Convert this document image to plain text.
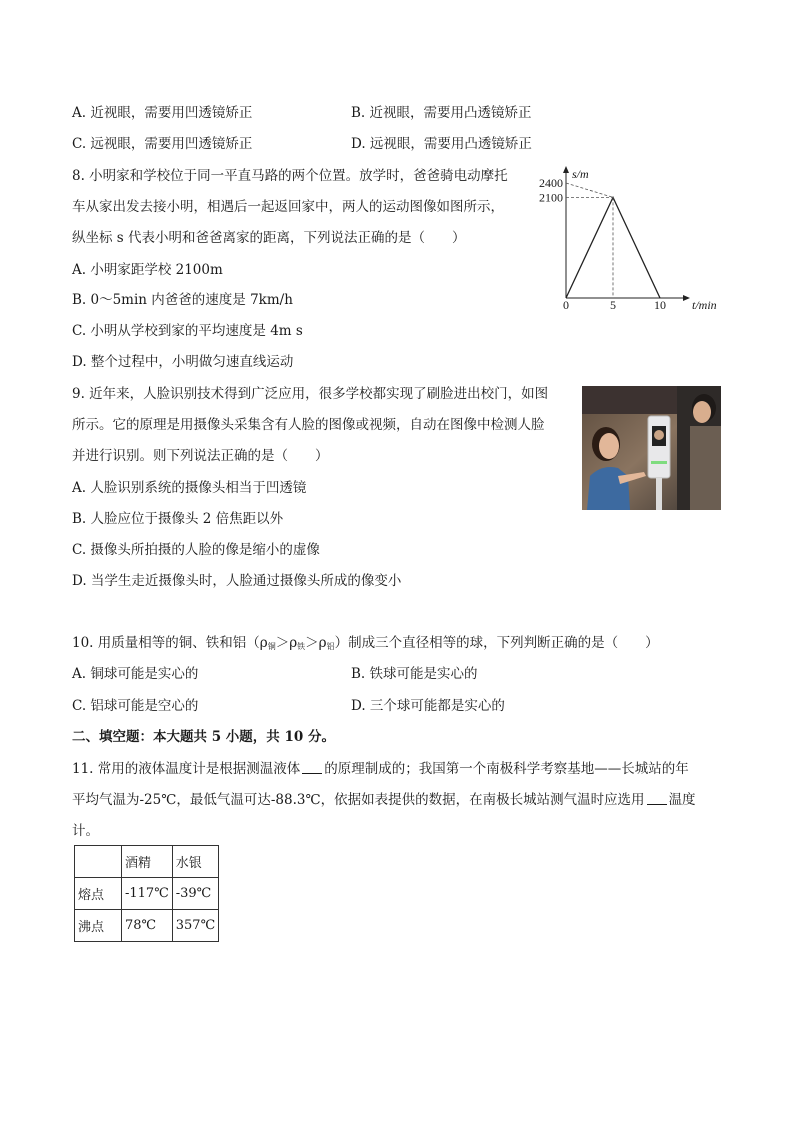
A. 近视眼，需要用凹透镜矫正	B. 近视眼，需要用凸透镜矫正
C. 远视眼，需要用凹透镜矫正	D. 远视眼，需要用凸透镜矫正
8. 小明家和学校位于同一平直马路的两个位置。放学时，爸爸骑电动摩托
车从家出发去接小明，相遇后一起返回家中，两人的运动图像如图所示，
纵坐标 s 代表小明和爸爸离家的距离，下列说法正确的是（　　）
A. 小明家距学校 2100m
B. 0～5min 内爸爸的速度是 7km/h
C. 小明从学校到家的平均速度是 4m s
D. 整个过程中，小明做匀速直线运动
2400
2100
0	5	10
s/m
t/min
9. 近年来，人脸识别技术得到广泛应用，很多学校都实现了刷脸进出校门，如图
所示。它的原理是用摄像头采集含有人脸的图像或视频，自动在图像中检测人脸
并进行识别。则下列说法正确的是（　　）
A. 人脸识别系统的摄像头相当于凹透镜
B. 人脸应位于摄像头 2 倍焦距以外
C. 摄像头所拍摄的人脸的像是缩小的虚像
D. 当学生走近摄像头时，人脸通过摄像头所成的像变小
10. 用质量相等的铜、铁和铝$(\rho_铜>\rho_铁>\rho_铝)$制成三个直径相等的球，下列判断正确的是（　　）
A. 铜球可能是实心的	B. 铁球可能是实心的
C. 铝球可能是空心的	D. 三个球可能都是实心的
二、填空题：本大题共 5 小题，共 10 分。
11. 常用的液体温度计是根据测温液体 的原理制成的；我国第一个南极科学考察基地——长城站的年
平均气温为-25℃，最低气温可达-88.3℃，依据如表提供的数据，在南极长城站测气温时应选用 温度
计。
	酒精	水银
熔点	-117℃	-39℃
沸点	78℃	357℃
